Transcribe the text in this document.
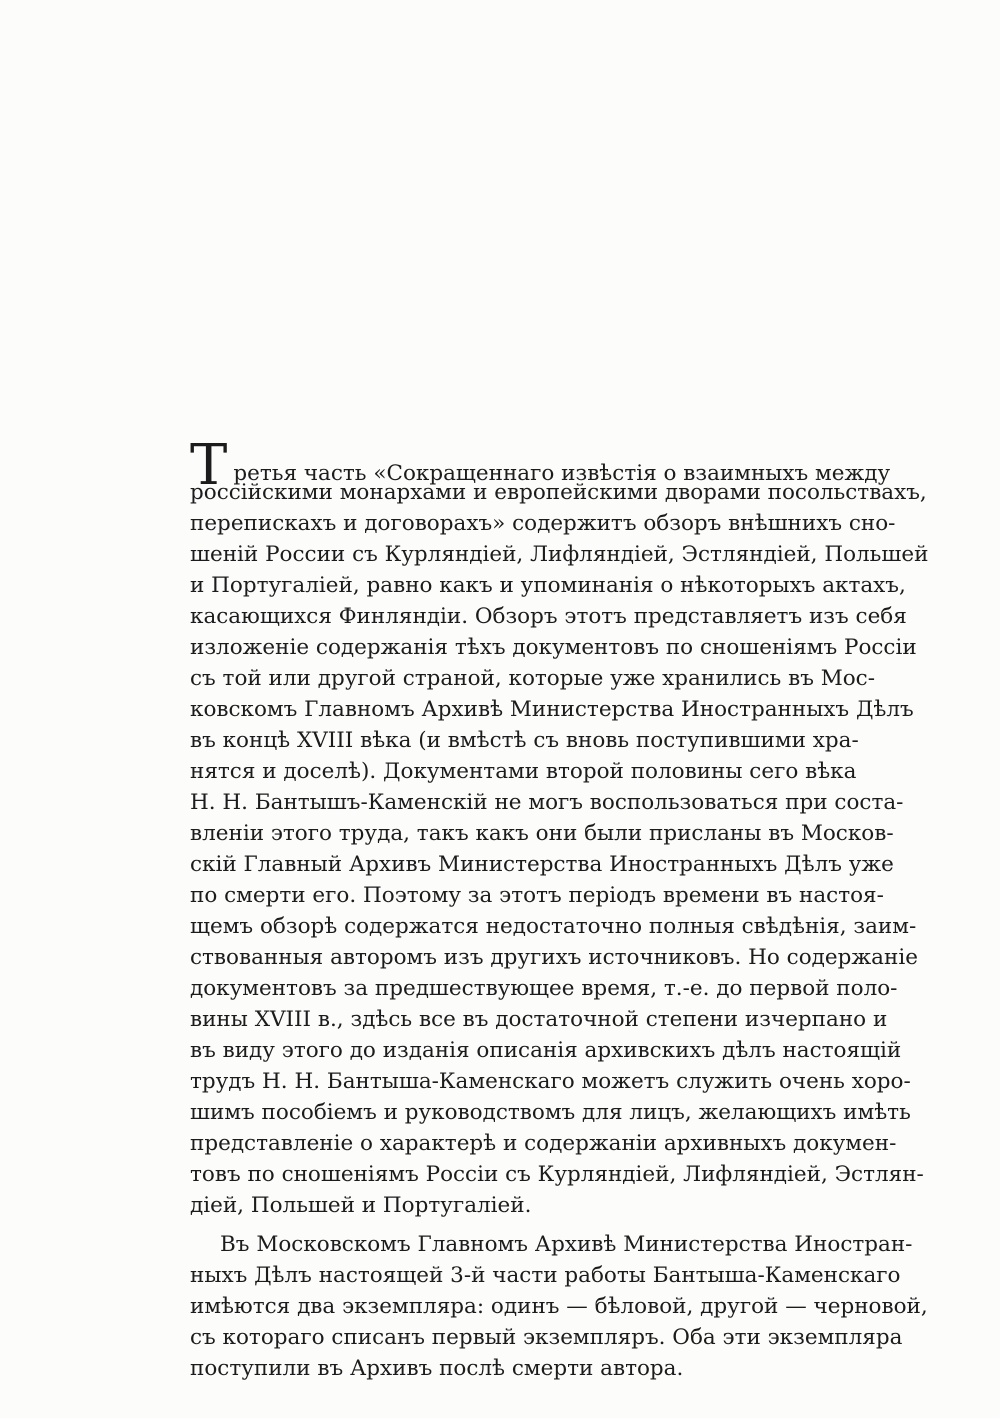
Третья часть «Сокращеннаго извѣстія о взаимныхъ между
россійскими монархами и европейскими дворами посольствахъ,
перепискахъ и договорахъ» содержитъ обзоръ внѣшнихъ сно-
шеній России съ Курляндіей, Лифляндіей, Эстляндіей, Польшей
и Португаліей, равно какъ и упоминанія о нѣкоторыхъ актахъ,
касающихся Финляндіи. Обзоръ этотъ представляетъ изъ себя
изложеніе содержанія тѣхъ документовъ по сношеніямъ Россіи
съ той или другой страной, которые уже хранились въ Мос-
ковскомъ Главномъ Архивѣ Министерства Иностранныхъ Дѣлъ
въ концѣ XVIII вѣка (и вмѣстѣ съ вновь поступившими хра-
нятся и доселѣ). Документами второй половины сего вѣка
Н. Н. Бантышъ-Каменскій не могъ воспользоваться при соста-
вленіи этого труда, такъ какъ они были присланы въ Москов-
скій Главный Архивъ Министерства Иностранныхъ Дѣлъ уже
по смерти его. Поэтому за этотъ періодъ времени въ настоя-
щемъ обзорѣ содержатся недостаточно полныя свѣдѣнія, заим-
ствованныя авторомъ изъ другихъ источниковъ. Но содержаніе
документовъ за предшествующее время, т.-е. до первой поло-
вины XVIII в., здѣсь все въ достаточной степени изчерпано и
въ виду этого до изданія описанія архивскихъ дѣлъ настоящій
трудъ Н. Н. Бантыша-Каменскаго можетъ служить очень хоро-
шимъ пособіемъ и руководствомъ для лицъ, желающихъ имѣть
представленіе о характерѣ и содержаніи архивныхъ докумен-
товъ по сношеніямъ Россіи съ Курляндіей, Лифляндіей, Эстлян-
діей, Польшей и Португаліей.
Въ Московскомъ Главномъ Архивѣ Министерства Иностран-
ныхъ Дѣлъ настоящей 3-й части работы Бантыша-Каменскаго
имѣются два экземпляра: одинъ — бѣловой, другой — черновой,
съ котораго списанъ первый экземпляръ. Оба эти экземпляра
поступили въ Архивъ послѣ смерти автора.
